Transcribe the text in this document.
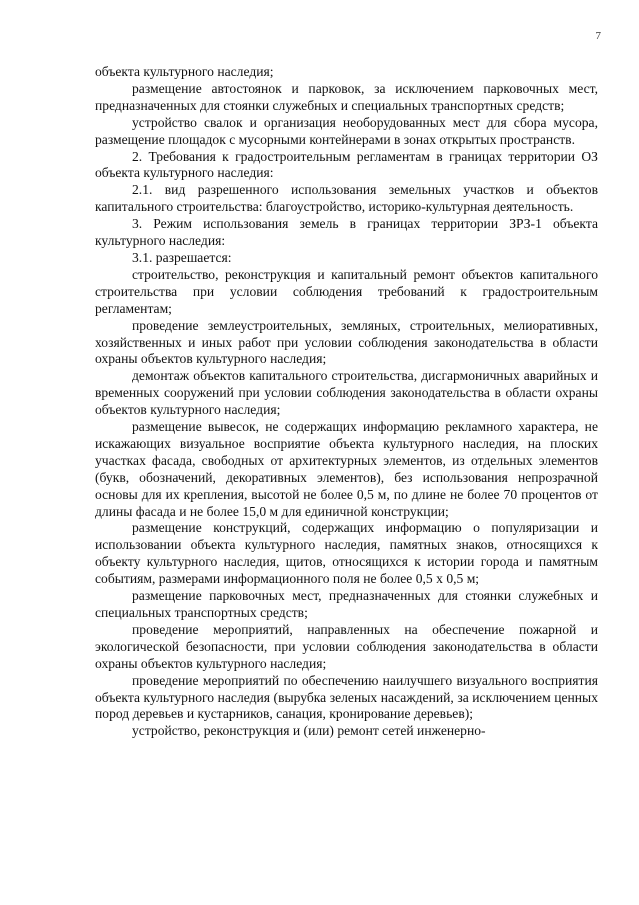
7

объекта культурного наследия;

размещение автостоянок и парковок, за исключением парковочных мест, предназначенных для стоянки служебных и специальных транспортных средств;

устройство свалок и организация необорудованных мест для сбора мусора, размещение площадок с мусорными контейнерами в зонах открытых пространств.

2. Требования к градостроительным регламентам в границах территории ОЗ объекта культурного наследия:

2.1. вид разрешенного использования земельных участков и объектов капитального строительства: благоустройство, историко-культурная деятельность.

3. Режим использования земель в границах территории ЗРЗ-1 объекта культурного наследия:

3.1. разрешается:

строительство, реконструкция и капитальный ремонт объектов капитального строительства при условии соблюдения требований к градостроительным регламентам;

проведение землеустроительных, земляных, строительных, мелиоративных, хозяйственных и иных работ при условии соблюдения законодательства в области охраны объектов культурного наследия;

демонтаж объектов капитального строительства, дисгармоничных аварийных и временных сооружений при условии соблюдения законодательства в области охраны объектов культурного наследия;

размещение вывесок, не содержащих информацию рекламного характера, не искажающих визуальное восприятие объекта культурного наследия, на плоских участках фасада, свободных от архитектурных элементов, из отдельных элементов (букв, обозначений, декоративных элементов), без использования непрозрачной основы для их крепления, высотой не более 0,5 м, по длине не более 70 процентов от длины фасада и не более 15,0 м для единичной конструкции;

размещение конструкций, содержащих информацию о популяризации и использовании объекта культурного наследия, памятных знаков, относящихся к объекту культурного наследия, щитов, относящихся к истории города и памятным событиям, размерами информационного поля не более 0,5 х 0,5 м;

размещение парковочных мест, предназначенных для стоянки служебных и специальных транспортных средств;

проведение мероприятий, направленных на обеспечение пожарной и экологической безопасности, при условии соблюдения законодательства в области охраны объектов культурного наследия;

проведение мероприятий по обеспечению наилучшего визуального восприятия объекта культурного наследия (вырубка зеленых насаждений, за исключением ценных пород деревьев и кустарников, санация, кронирование деревьев);

устройство, реконструкция и (или) ремонт сетей инженерно-
